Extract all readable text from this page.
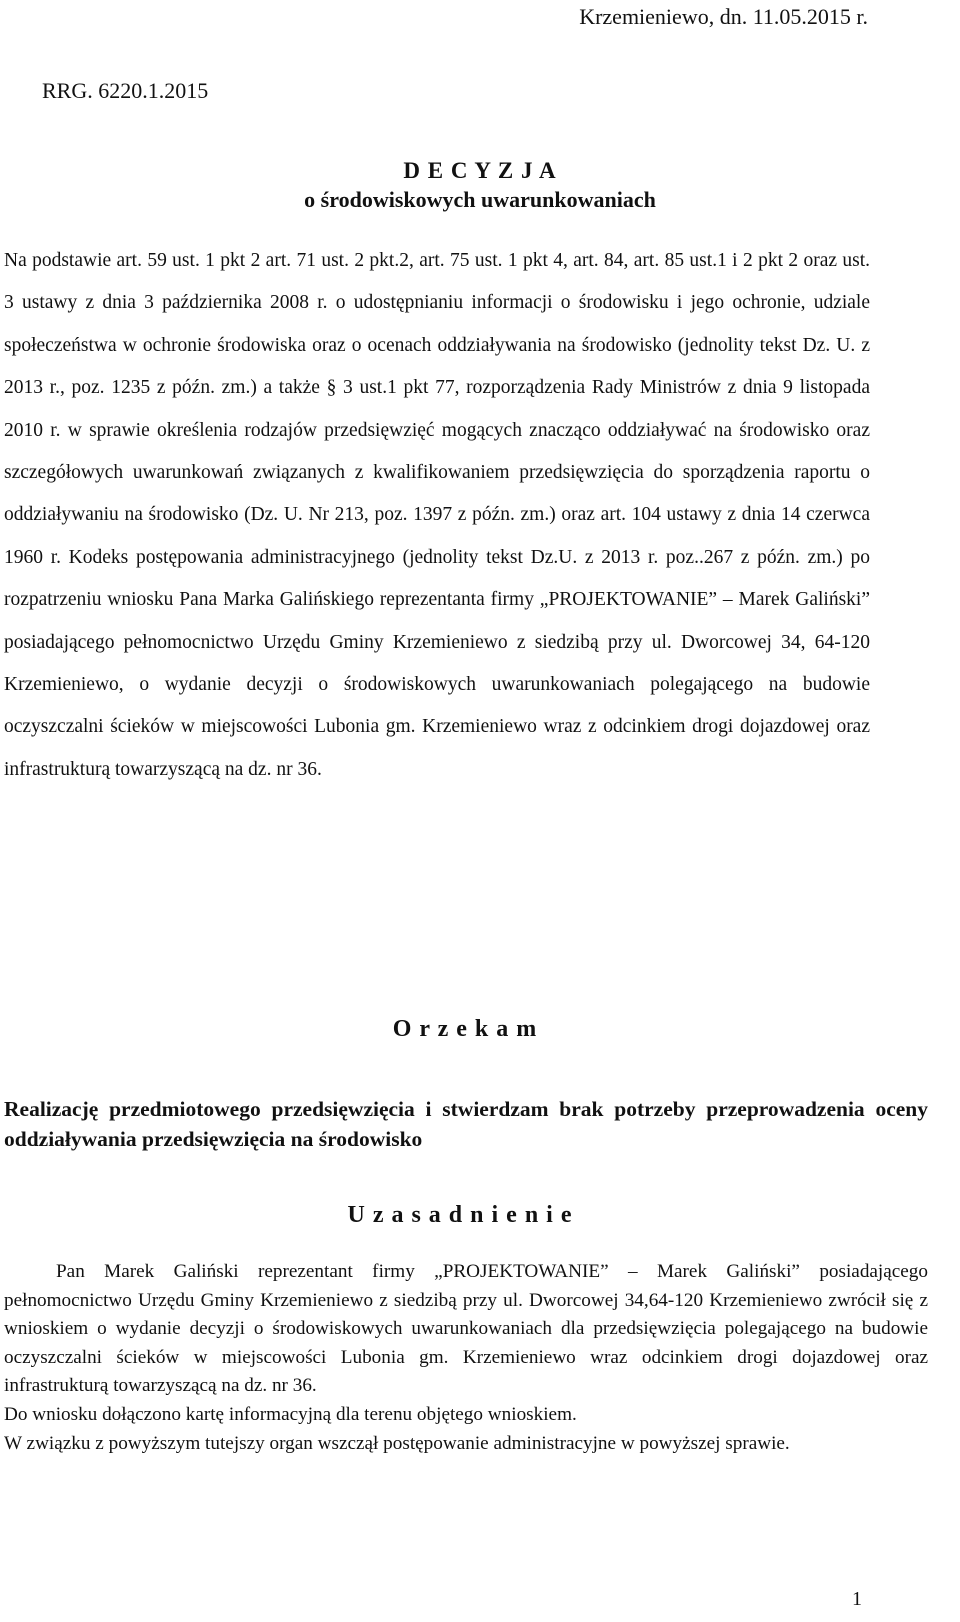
Krzemieniewo, dn. 11.05.2015 r.
RRG. 6220.1.2015
D E C Y Z J A
o środowiskowych uwarunkowaniach
Na podstawie art. 59 ust. 1 pkt 2 art. 71 ust. 2 pkt.2, art. 75 ust. 1 pkt 4, art. 84, art. 85 ust.1 i 2 pkt 2 oraz ust. 3 ustawy z dnia 3 października 2008 r. o udostępnianiu informacji o środowisku i jego ochronie, udziale społeczeństwa w ochronie środowiska oraz o ocenach oddziaływania na środowisko (jednolity tekst Dz. U. z 2013 r., poz. 1235 z późn. zm.) a także § 3 ust.1 pkt 77, rozporządzenia Rady Ministrów z dnia 9 listopada 2010 r. w sprawie określenia rodzajów przedsięwzięć mogących znacząco oddziaływać na środowisko oraz szczegółowych uwarunkowań związanych z kwalifikowaniem przedsięwzięcia do sporządzenia raportu o oddziaływaniu na środowisko (Dz. U. Nr 213, poz. 1397 z późn. zm.) oraz art. 104 ustawy z dnia 14 czerwca 1960 r. Kodeks postępowania administracyjnego (jednolity tekst Dz.U. z 2013 r. poz..267 z późn. zm.) po rozpatrzeniu wniosku Pana Marka Galińskiego reprezentanta firmy „PROJEKTOWANIE” – Marek Galiński” posiadającego pełnomocnictwo Urzędu Gminy Krzemieniewo z siedzibą przy ul. Dworcowej 34, 64-120 Krzemieniewo, o wydanie decyzji o środowiskowych uwarunkowaniach polegającego na budowie oczyszczalni ścieków w miejscowości Lubonia gm. Krzemieniewo wraz z odcinkiem drogi dojazdowej oraz infrastrukturą towarzyszącą na dz. nr 36.
O r z e k a m
Realizację przedmiotowego przedsięwzięcia i stwierdzam brak potrzeby przeprowadzenia oceny oddziaływania przedsięwzięcia na środowisko
U z a s a d n i e n i e

Pan Marek Galiński reprezentant firmy „PROJEKTOWANIE” – Marek Galiński” posiadającego pełnomocnictwo Urzędu Gminy Krzemieniewo z siedzibą przy ul. Dworcowej 34,64-120 Krzemieniewo zwrócił się z wnioskiem o wydanie decyzji o środowiskowych uwarunkowaniach dla przedsięwzięcia polegającego na budowie oczyszczalni ścieków w miejscowości Lubonia gm. Krzemieniewo wraz odcinkiem drogi dojazdowej oraz infrastrukturą towarzyszącą na dz. nr 36.

Do wniosku dołączono kartę informacyjną dla terenu objętego wnioskiem.

W związku z powyższym tutejszy organ wszczął postępowanie administracyjne w powyższej sprawie.

1
